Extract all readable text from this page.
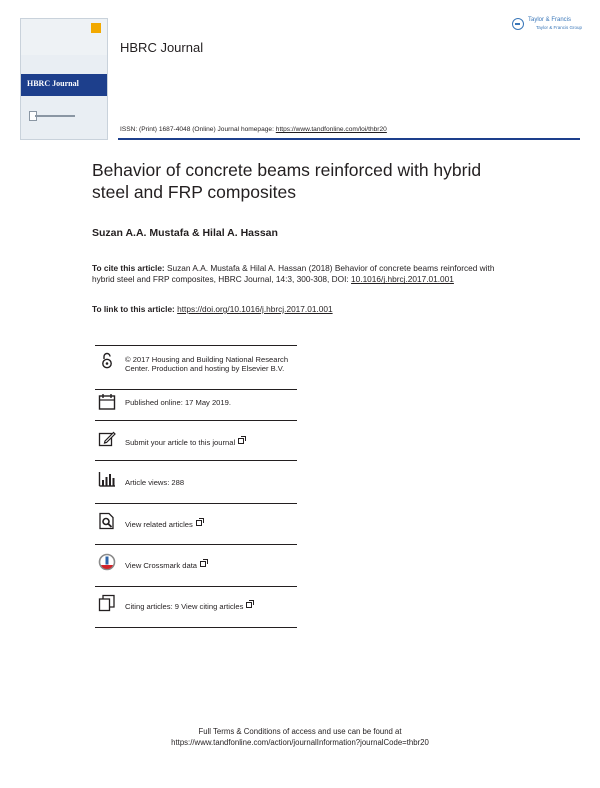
HBRC Journal
HBRC Journal
Taylor & Francis
Taylor & Francis Group
ISSN: (Print) 1687-4048 (Online) Journal homepage: https://www.tandfonline.com/loi/thbr20
Behavior of concrete beams reinforced with hybrid
steel and FRP composites
Suzan A.A. Mustafa & Hilal A. Hassan
To cite this article: Suzan A.A. Mustafa & Hilal A. Hassan (2018) Behavior of concrete beams reinforced with hybrid steel and FRP composites, HBRC Journal, 14:3, 300-308, DOI: 10.1016/j.hbrcj.2017.01.001
To link to this article: https://doi.org/10.1016/j.hbrcj.2017.01.001
© 2017 Housing and Building National Research Center. Production and hosting by Elsevier B.V.
Published online: 17 May 2019.
Submit your article to this journal
Article views: 288
View related articles
View Crossmark data
Citing articles: 9 View citing articles
Full Terms & Conditions of access and use can be found at
https://www.tandfonline.com/action/journalInformation?journalCode=thbr20
